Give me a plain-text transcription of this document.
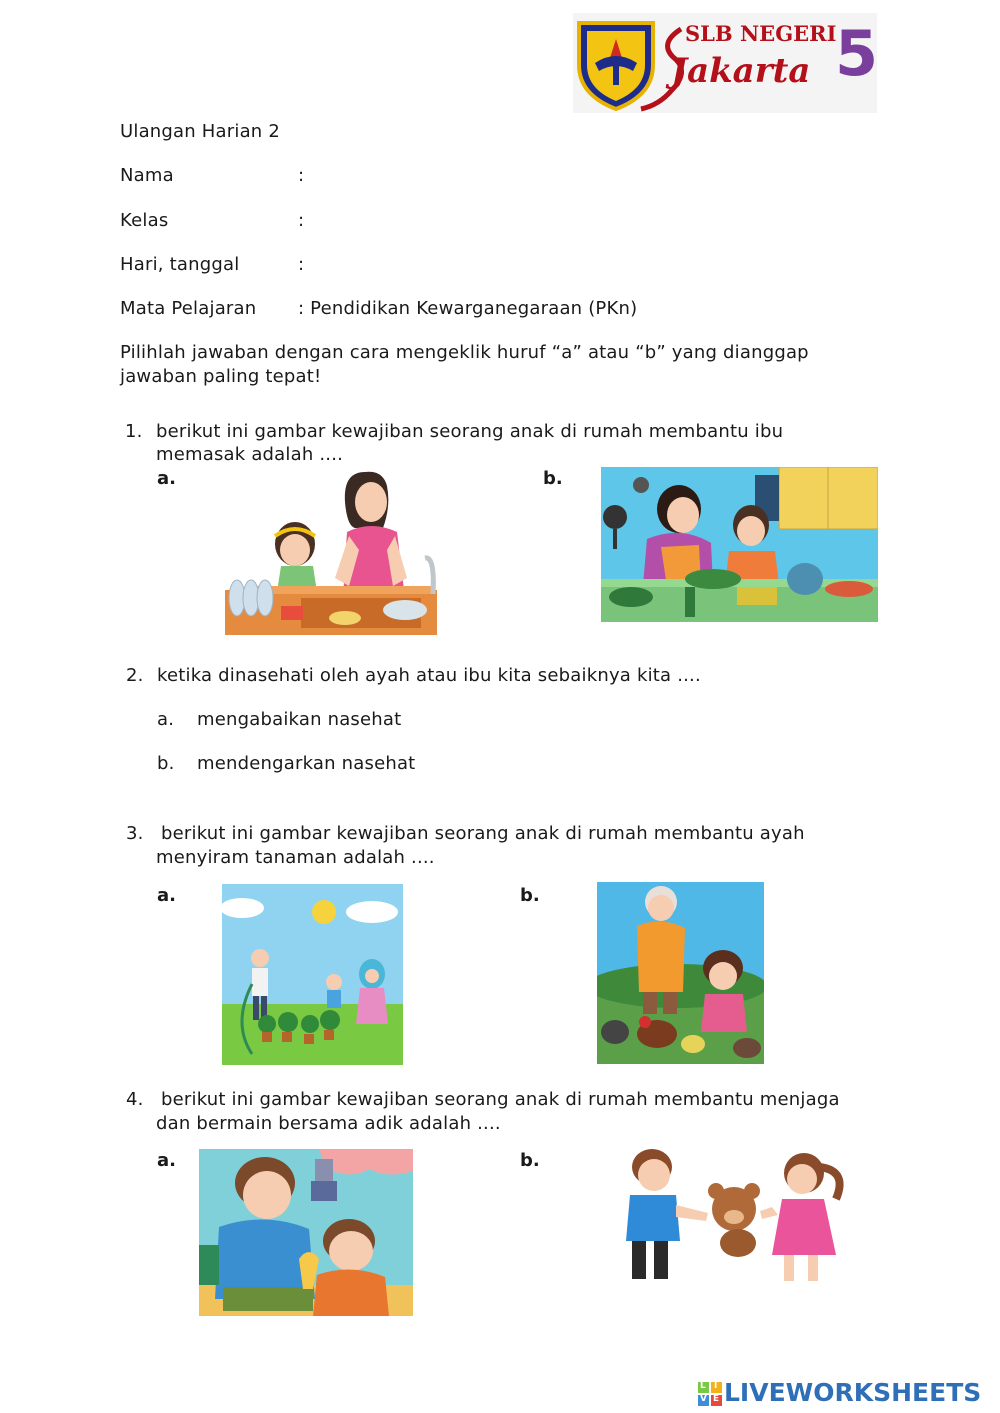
SLB NEGERI
Jakarta 5
Ulangan Harian 2
Nama	:
Kelas	:
Hari, tanggal	:
Mata Pelajaran : Pendidikan Kewarganegaraan (PKn)
Pilihlah jawaban dengan cara mengeklik huruf “a” atau “b” yang dianggap
jawaban paling tepat!
1. berikut ini gambar kewajiban seorang anak di rumah membantu ibu
memasak adalah ....
a.	b.
2. ketika dinasehati oleh ayah atau ibu kita sebaiknya kita ....
a. mengabaikan nasehat
b. mendengarkan nasehat
3. berikut ini gambar kewajiban seorang anak di rumah membantu ayah
menyiram tanaman adalah ....
a.	b.
4. berikut ini gambar kewajiban seorang anak di rumah membantu menjaga
dan bermain bersama adik adalah ....
a.	b.
L I
V E LIVEWORKSHEETS
